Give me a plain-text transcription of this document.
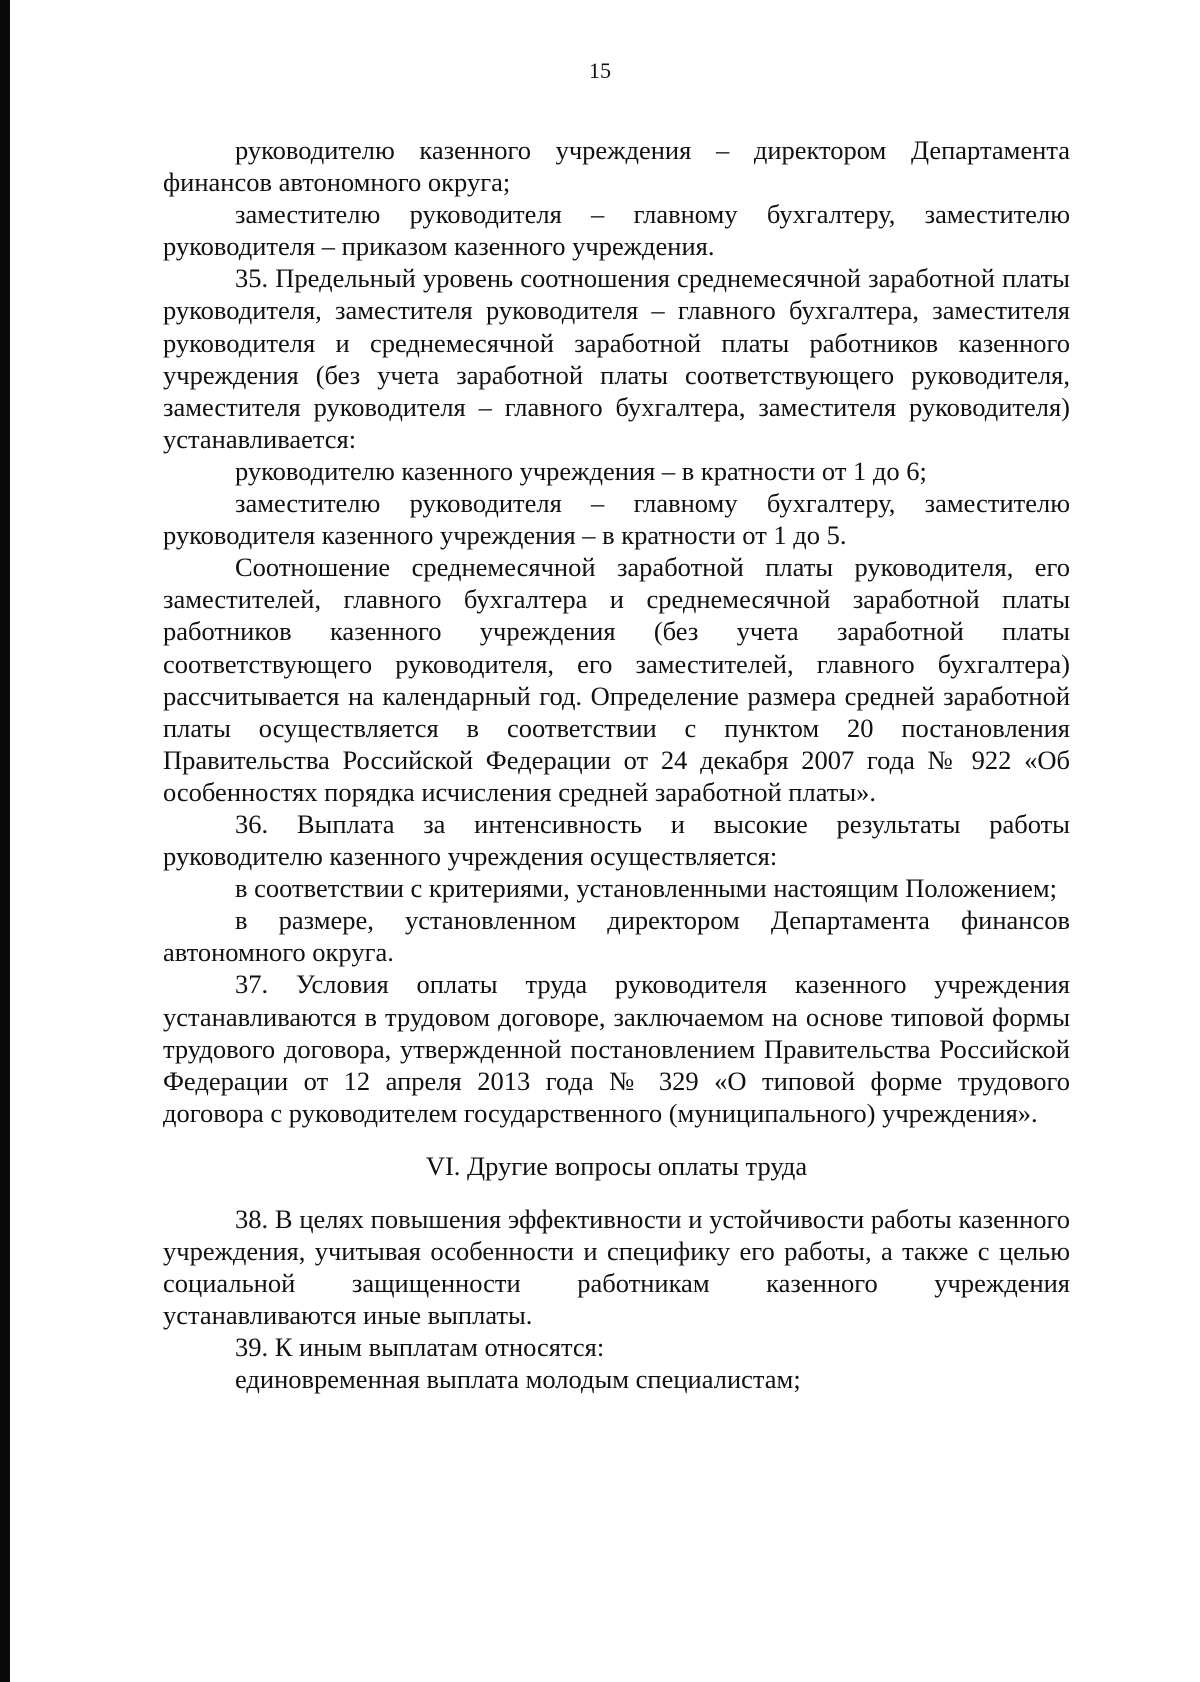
15

руководителю казенного учреждения – директором Департамента финансов автономного округа;

заместителю руководителя – главному бухгалтеру, заместителю руководителя – приказом казенного учреждения.

35. Предельный уровень соотношения среднемесячной заработной платы руководителя, заместителя руководителя – главного бухгалтера, заместителя руководителя и среднемесячной заработной платы работников казенного учреждения (без учета заработной платы соответствующего руководителя, заместителя руководителя – главного бухгалтера, заместителя руководителя) устанавливается:

руководителю казенного учреждения – в кратности от 1 до 6;

заместителю руководителя – главному бухгалтеру, заместителю руководителя казенного учреждения – в кратности от 1 до 5.

Соотношение среднемесячной заработной платы руководителя, его заместителей, главного бухгалтера и среднемесячной заработной платы работников казенного учреждения (без учета заработной платы соответствующего руководителя, его заместителей, главного бухгалтера) рассчитывается на календарный год. Определение размера средней заработной платы осуществляется в соответствии с пунктом 20 постановления Правительства Российской Федерации от 24 декабря 2007 года № 922 «Об особенностях порядка исчисления средней заработной платы».

36. Выплата за интенсивность и высокие результаты работы руководителю казенного учреждения осуществляется:

в соответствии с критериями, установленными настоящим Положением;

в размере, установленном директором Департамента финансов автономного округа.

37. Условия оплаты труда руководителя казенного учреждения устанавливаются в трудовом договоре, заключаемом на основе типовой формы трудового договора, утвержденной постановлением Правительства Российской Федерации от 12 апреля 2013 года № 329 «О типовой форме трудового договора с руководителем государственного (муниципального) учреждения».

VI. Другие вопросы оплаты труда

38. В целях повышения эффективности и устойчивости работы казенного учреждения, учитывая особенности и специфику его работы, а также с целью социальной защищенности работникам казенного учреждения устанавливаются иные выплаты.

39. К иным выплатам относятся:

единовременная выплата молодым специалистам;
